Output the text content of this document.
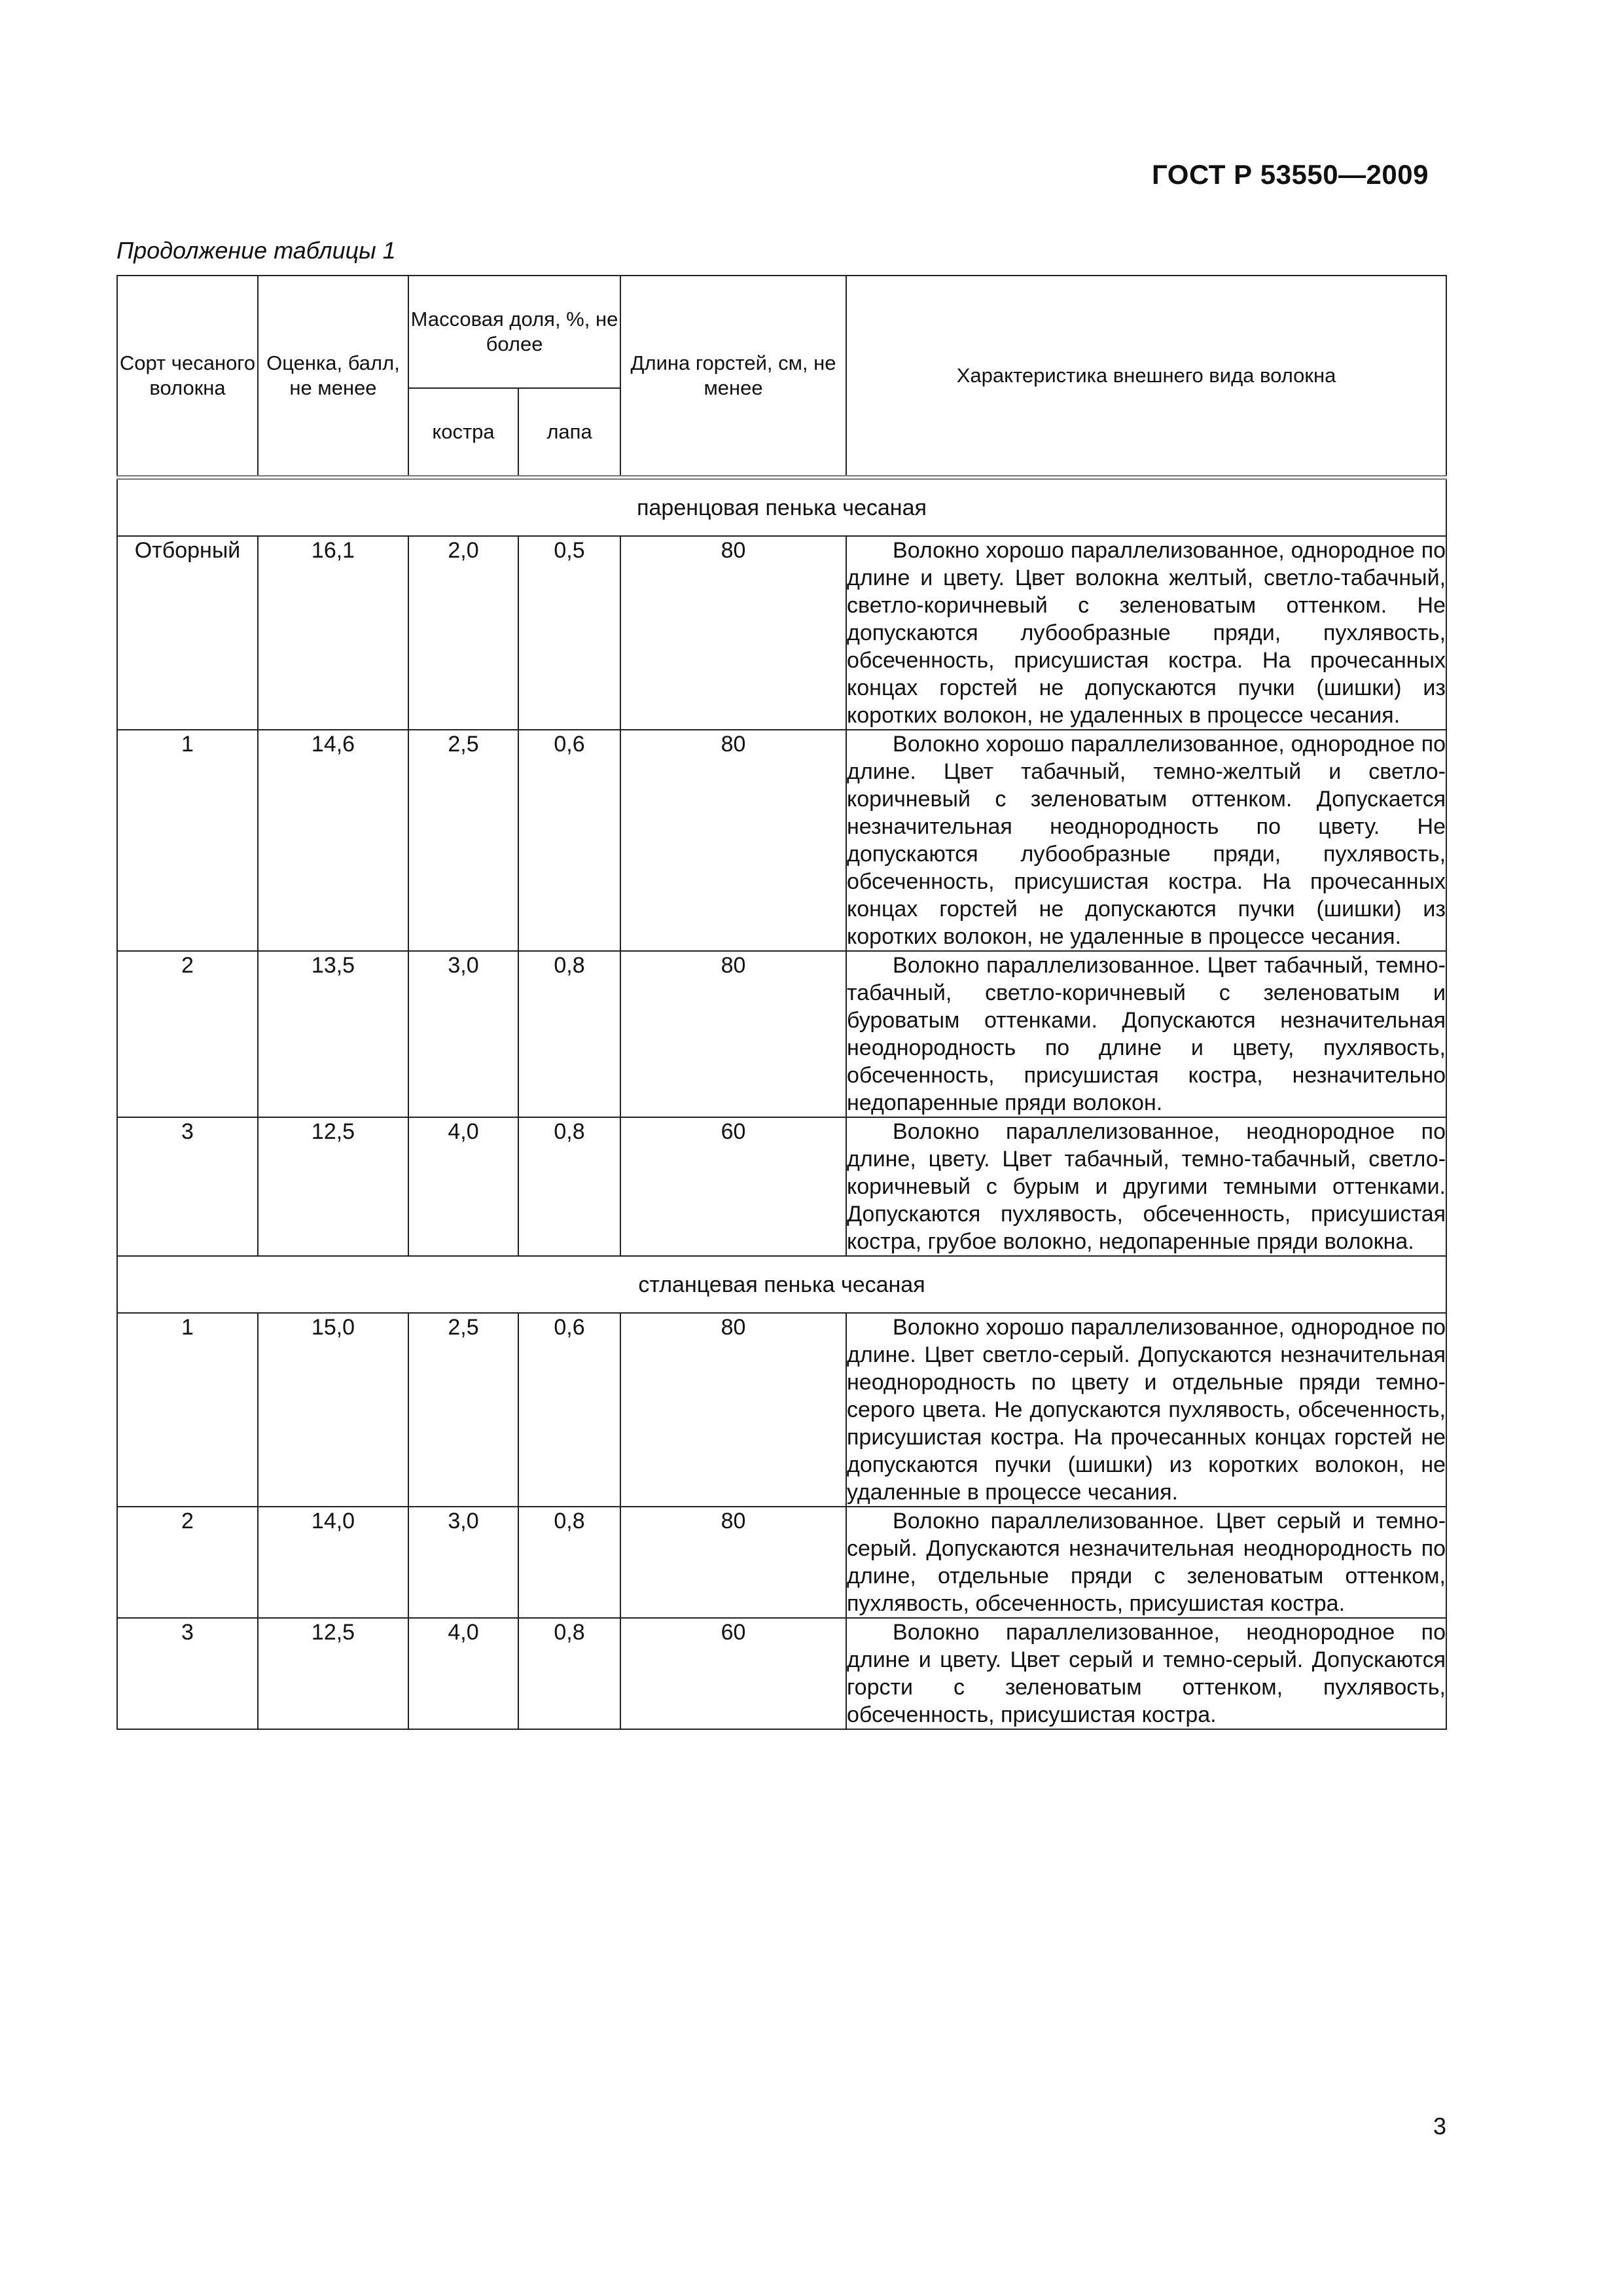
ГОСТ Р 53550—2009
Продолжение таблицы 1
Сорт чесаного волокна	Оценка, балл, не менее	Массовая доля, %, не более		Длина горстей, см, не менее	Характеристика внешнего вида волокна
		костра	лапа		
паренцовая пенька чесаная					
Отборный	16,1	2,0	0,5	80	Волокно хорошо параллелизованное, однородное по длине и цвету. Цвет волокна желтый, светло-табачный, светло-коричневый с зеленоватым оттенком. Не допускаются лубообразные пряди, пухлявость, обсеченность, присушистая костра. На прочесанных концах горстей не допускаются пучки (шишки) из коротких волокон, не удаленных в процессе чесания.
1	14,6	2,5	0,6	80	Волокно хорошо параллелизованное, однородное по длине. Цвет табачный, темно-желтый и светло-коричневый с зеленоватым оттенком. Допускается незначительная неоднородность по цвету. Не допускаются лубообразные пряди, пухлявость, обсеченность, присушистая костра. На прочесанных концах горстей не допускаются пучки (шишки) из коротких волокон, не удаленные в процессе чесания.
2	13,5	3,0	0,8	80	Волокно параллелизованное. Цвет табачный, темно-табачный, светло-коричневый с зеленоватым и буроватым оттенками. Допускаются незначительная неоднородность по длине и цвету, пухлявость, обсеченность, присушистая костра, незначительно недопаренные пряди волокон.
3	12,5	4,0	0,8	60	Волокно параллелизованное, неоднородное по длине, цвету. Цвет табачный, темно-табачный, светло-коричневый с бурым и другими темными оттенками. Допускаются пухлявость, обсеченность, присушистая костра, грубое волокно, недопаренные пряди волокна.
стланцевая пенька чесаная					
1	15,0	2,5	0,6	80	Волокно хорошо параллелизованное, однородное по длине. Цвет светло-серый. Допускаются незначительная неоднородность по цвету и отдельные пряди темно-серого цвета. Не допускаются пухлявость, обсеченность, присушистая костра. На прочесанных концах горстей не допускаются пучки (шишки) из коротких волокон, не удаленные в процессе чесания.
2	14,0	3,0	0,8	80	Волокно параллелизованное. Цвет серый и темно-серый. Допускаются незначительная неоднородность по длине, отдельные пряди с зеленоватым оттенком, пухлявость, обсеченность, присушистая костра.
3	12,5	4,0	0,8	60	Волокно параллелизованное, неоднородное по длине и цвету. Цвет серый и темно-серый. Допускаются горсти с зеленоватым оттенком, пухлявость, обсеченность, присушистая костра.
3
